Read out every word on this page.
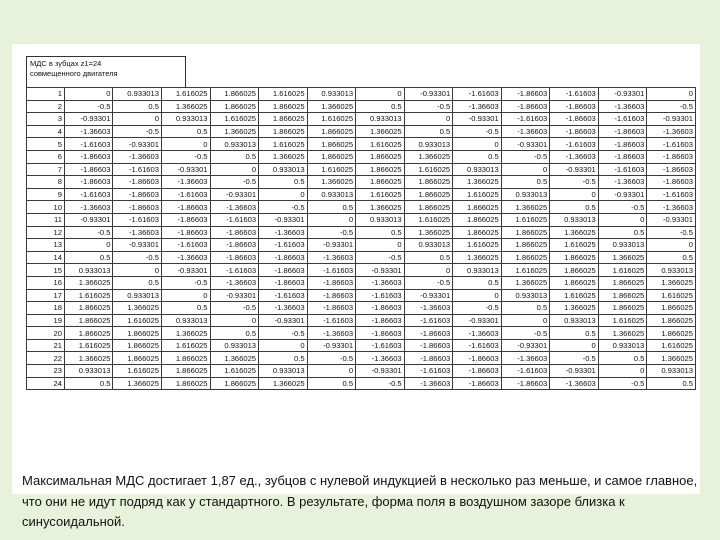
МДС в зубцах z1=24
совмещенного двигателя
1	0	0.933013	1.616025	1.866025	1.616025	0.933013	0	-0.93301	-1.61603	-1.86603	-1.61603	-0.93301	0
2	-0.5	0.5	1.366025	1.866025	1.866025	1.366025	0.5	-0.5	-1.36603	-1.86603	-1.86603	-1.36603	-0.5
3	-0.93301	0	0.933013	1.616025	1.866025	1.616025	0.933013	0	-0.93301	-1.61603	-1.86603	-1.61603	-0.93301
4	-1.36603	-0.5	0.5	1.366025	1.866025	1.866025	1.366025	0.5	-0.5	-1.36603	-1.86603	-1.86603	-1.36603
5	-1.61603	-0.93301	0	0.933013	1.616025	1.866025	1.616025	0.933013	0	-0.93301	-1.61603	-1.86603	-1.61603
6	-1.86603	-1.36603	-0.5	0.5	1.366025	1.866025	1.866025	1.366025	0.5	-0.5	-1.36603	-1.86603	-1.86603
7	-1.86603	-1.61603	-0.93301	0	0.933013	1.616025	1.866025	1.616025	0.933013	0	-0.93301	-1.61603	-1.86603
8	-1.86603	-1.86603	-1.36603	-0.5	0.5	1.366025	1.866025	1.866025	1.366025	0.5	-0.5	-1.36603	-1.86603
9	-1.61603	-1.86603	-1.61603	-0.93301	0	0.933013	1.616025	1.866025	1.616025	0.933013	0	-0.93301	-1.61603
10	-1.36603	-1.86603	-1.86603	-1.36603	-0.5	0.5	1.366025	1.866025	1.866025	1.366025	0.5	-0.5	-1.36603
11	-0.93301	-1.61603	-1.86603	-1.61603	-0.93301	0	0.933013	1.616025	1.866025	1.616025	0.933013	0	-0.93301
12	-0.5	-1.36603	-1.86603	-1.86603	-1.36603	-0.5	0.5	1.366025	1.866025	1.866025	1.366025	0.5	-0.5
13	0	-0.93301	-1.61603	-1.86603	-1.61603	-0.93301	0	0.933013	1.616025	1.866025	1.616025	0.933013	0
14	0.5	-0.5	-1.36603	-1.86603	-1.86603	-1.36603	-0.5	0.5	1.366025	1.866025	1.866025	1.366025	0.5
15	0.933013	0	-0.93301	-1.61603	-1.86603	-1.61603	-0.93301	0	0.933013	1.616025	1.866025	1.616025	0.933013
16	1.366025	0.5	-0.5	-1.36603	-1.86603	-1.86603	-1.36603	-0.5	0.5	1.366025	1.866025	1.866025	1.366025
17	1.616025	0.933013	0	-0.93301	-1.61603	-1.86603	-1.61603	-0.93301	0	0.933013	1.616025	1.866025	1.616025
18	1.866025	1.366025	0.5	-0.5	-1.36603	-1.86603	-1.86603	-1.36603	-0.5	0.5	1.366025	1.866025	1.866025
19	1.866025	1.616025	0.933013	0	-0.93301	-1.61603	-1.86603	-1.61603	-0.93301	0	0.933013	1.616025	1.866025
20	1.866025	1.866025	1.366025	0.5	-0.5	-1.36603	-1.86603	-1.86603	-1.36603	-0.5	0.5	1.366025	1.866025
21	1.616025	1.866025	1.616025	0.933013	0	-0.93301	-1.61603	-1.86603	-1.61603	-0.93301	0	0.933013	1.616025
22	1.366025	1.866025	1.866025	1.366025	0.5	-0.5	-1.36603	-1.86603	-1.86603	-1.36603	-0.5	0.5	1.366025
23	0.933013	1.616025	1.866025	1.616025	0.933013	0	-0.93301	-1.61603	-1.86603	-1.61603	-0.93301	0	0.933013
24	0.5	1.366025	1.866025	1.866025	1.366025	0.5	-0.5	-1.36603	-1.86603	-1.86603	-1.36603	-0.5	0.5
Максимальная МДС достигает 1,87 ед., зубцов с нулевой индукцией в несколько раз меньше, и самое главное, что они не идут подряд как у стандартного. В результате, форма поля в воздушном зазоре близка к синусоидальной.
